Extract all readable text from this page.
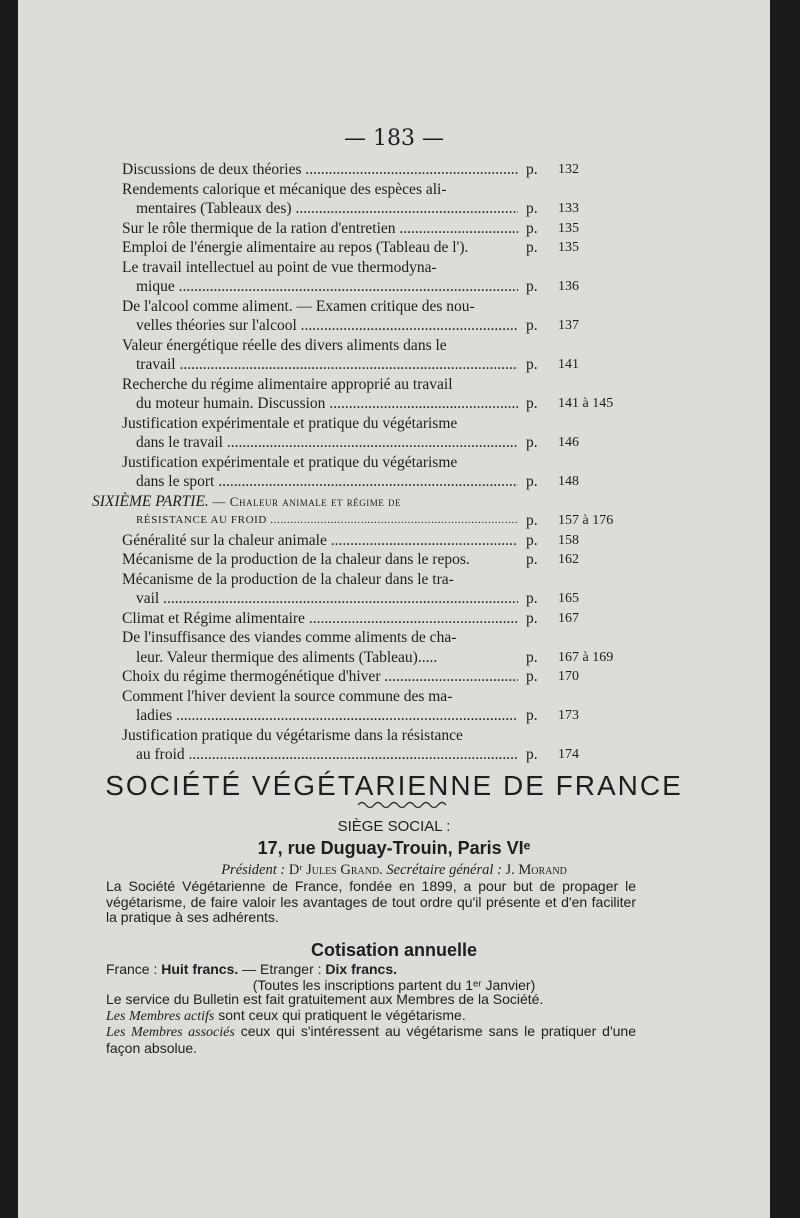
— 183 —
Discussions de deux théories .....	p. 132
Rendements calorique et mécanique des espèces ali-
mentaires (Tableaux des) .....	p. 133
Sur le rôle thermique de la ration d'entretien .....	p. 135
Emploi de l'énergie alimentaire au repos (Tableau de l').	p. 135
Le travail intellectuel au point de vue thermodyna-
mique .....	p. 136
De l'alcool comme aliment. — Examen critique des nou-
velles théories sur l'alcool .....	p. 137
Valeur énergétique réelle des divers aliments dans le
travail .....	p. 141
Recherche du régime alimentaire approprié au travail
du moteur humain. Discussion .....	p. 141 à 145
Justification expérimentale et pratique du végétarisme
dans le travail .....	p. 146
Justification expérimentale et pratique du végétarisme
dans le sport .....	p. 148
SIXIÈME PARTIE. — Chaleur animale et régime de
RÉSISTANCE AU FROID .....	p. 157 à 176
Généralité sur la chaleur animale .....	p. 158
Mécanisme de la production de la chaleur dans le repos.	p. 162
Mécanisme de la production de la chaleur dans le tra-
vail .....	p. 165
Climat et Régime alimentaire .....	p. 167
De l'insuffisance des viandes comme aliments de cha-
leur. Valeur thermique des aliments (Tableau).....	p. 167 à 169
Choix du régime thermogénétique d'hiver .....	p. 170
Comment l'hiver devient la source commune des ma-
ladies .....	p. 173
Justification pratique du végétarisme dans la résistance
au froid .....	p. 174
SOCIÉTÉ VÉGÉTARIENNE DE FRANCE
SIÈGE SOCIAL :
17, rue Duguay-Trouin, Paris VIᵉ
Président : Dʳ Jules Grand. Secrétaire général : J. Morand
La Société Végétarienne de France, fondée en 1899, a pour but de propager le végétarisme, de faire valoir les avantages de tout ordre qu'il présente et d'en faciliter la pratique à ses adhérents.
Cotisation annuelle
France : Huit francs. — Etranger : Dix francs.
(Toutes les inscriptions partent du 1ᵉʳ Janvier)
Le service du Bulletin est fait gratuitement aux Membres de la Société.
Les Membres actifs sont ceux qui pratiquent le végétarisme.
Les Membres associés ceux qui s'intéressent au végétarisme sans le pratiquer d'une façon absolue.
